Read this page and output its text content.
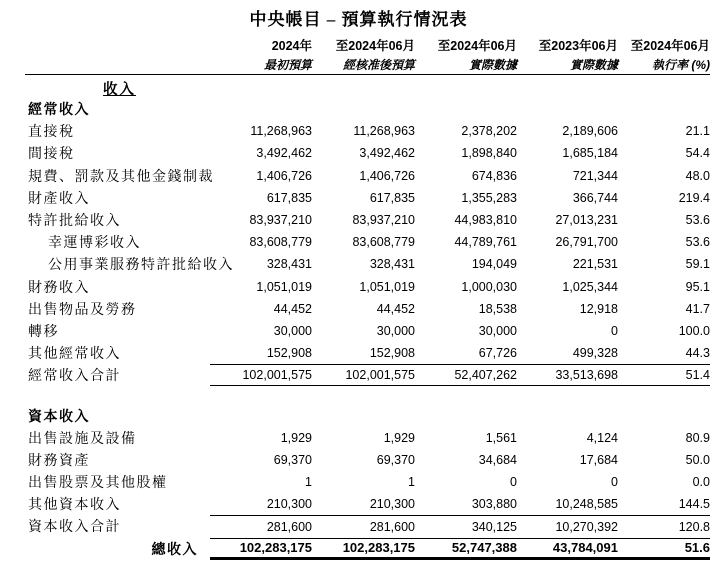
中央帳目 – 預算執行情況表
2024年	至2024年06月	至2024年06月	至2023年06月	至2024年06月
最初預算	經核准後預算	實際數據	實際數據	執行率 (%)
收入
經常收入
直接稅	11,268,963	11,268,963	2,378,202	2,189,606	21.1
間接稅	3,492,462	3,492,462	1,898,840	1,685,184	54.4
規費、罰款及其他金錢制裁	1,406,726	1,406,726	674,836	721,344	48.0
財產收入	617,835	617,835	1,355,283	366,744	219.4
特許批給收入	83,937,210	83,937,210	44,983,810	27,013,231	53.6
幸運博彩收入	83,608,779	83,608,779	44,789,761	26,791,700	53.6
公用事業服務特許批給收入	328,431	328,431	194,049	221,531	59.1
財務收入	1,051,019	1,051,019	1,000,030	1,025,344	95.1
出售物品及勞務	44,452	44,452	18,538	12,918	41.7
轉移	30,000	30,000	30,000	0	100.0
其他經常收入	152,908	152,908	67,726	499,328	44.3
經常收入合計	102,001,575	102,001,575	52,407,262	33,513,698	51.4
資本收入
出售設施及設備	1,929	1,929	1,561	4,124	80.9
財務資產	69,370	69,370	34,684	17,684	50.0
出售股票及其他股權	1	1	0	0	0.0
其他資本收入	210,300	210,300	303,880	10,248,585	144.5
資本收入合計	281,600	281,600	340,125	10,270,392	120.8
總收入	102,283,175	102,283,175	52,747,388	43,784,091	51.6
